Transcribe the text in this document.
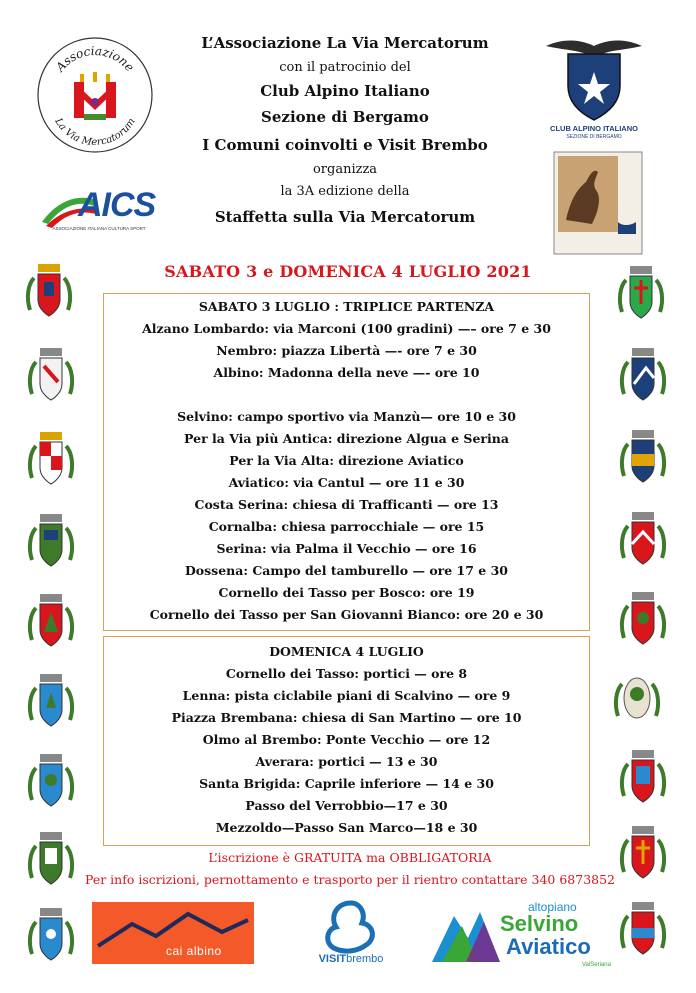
L’Associazione La Via Mercatorum
con il patrocinio del
Club Alpino Italiano
Sezione di Bergamo
I Comuni coinvolti e Visit Brembo
organizza
la 3A edizione della
Staffetta sulla Via Mercatorum
Associazione
La Via Mercatorum
AICS
ASSOCIAZIONE ITALIANA CULTURA SPORT
CLUB ALPINO ITALIANO
SEZIONE DI BERGAMO
SABATO 3 e DOMENICA 4 LUGLIO 2021
SABATO 3 LUGLIO : TRIPLICE PARTENZA
Alzano Lombardo: via Marconi (100 gradini) —– ore 7 e 30
Nembro: piazza Libertà —- ore 7 e 30
Albino: Madonna della neve —- ore 10
Selvino: campo sportivo via Manzù— ore 10 e 30
Per la Via più Antica: direzione Algua e Serina
Per la Via Alta: direzione Aviatico
Aviatico: via Cantul — ore 11 e 30
Costa Serina: chiesa di Trafficanti — ore 13
Cornalba: chiesa parrocchiale — ore 15
Serina: via Palma il Vecchio — ore 16
Dossena: Campo del tamburello — ore 17 e 30
Cornello dei Tasso per Bosco: ore 19
Cornello dei Tasso per San Giovanni Bianco: ore 20 e 30
DOMENICA 4 LUGLIO
Cornello dei Tasso: portici — ore 8
Lenna: pista ciclabile piani di Scalvino — ore 9
Piazza Brembana: chiesa di San Martino — ore 10
Olmo al Brembo: Ponte Vecchio — ore 12
Averara: portici — 13 e 30
Santa Brigida: Caprile inferiore — 14 e 30
Passo del Verrobbio—17 e 30
Mezzoldo—Passo San Marco—18 e 30
L’iscrizione è GRATUITA ma OBBLIGATORIA
Per info iscrizioni, pernottamento e trasporto per il rientro contattare 340 6873852
cai albino
VISITbrembo
altopiano
Selvino
Aviatico
ValSeriana
